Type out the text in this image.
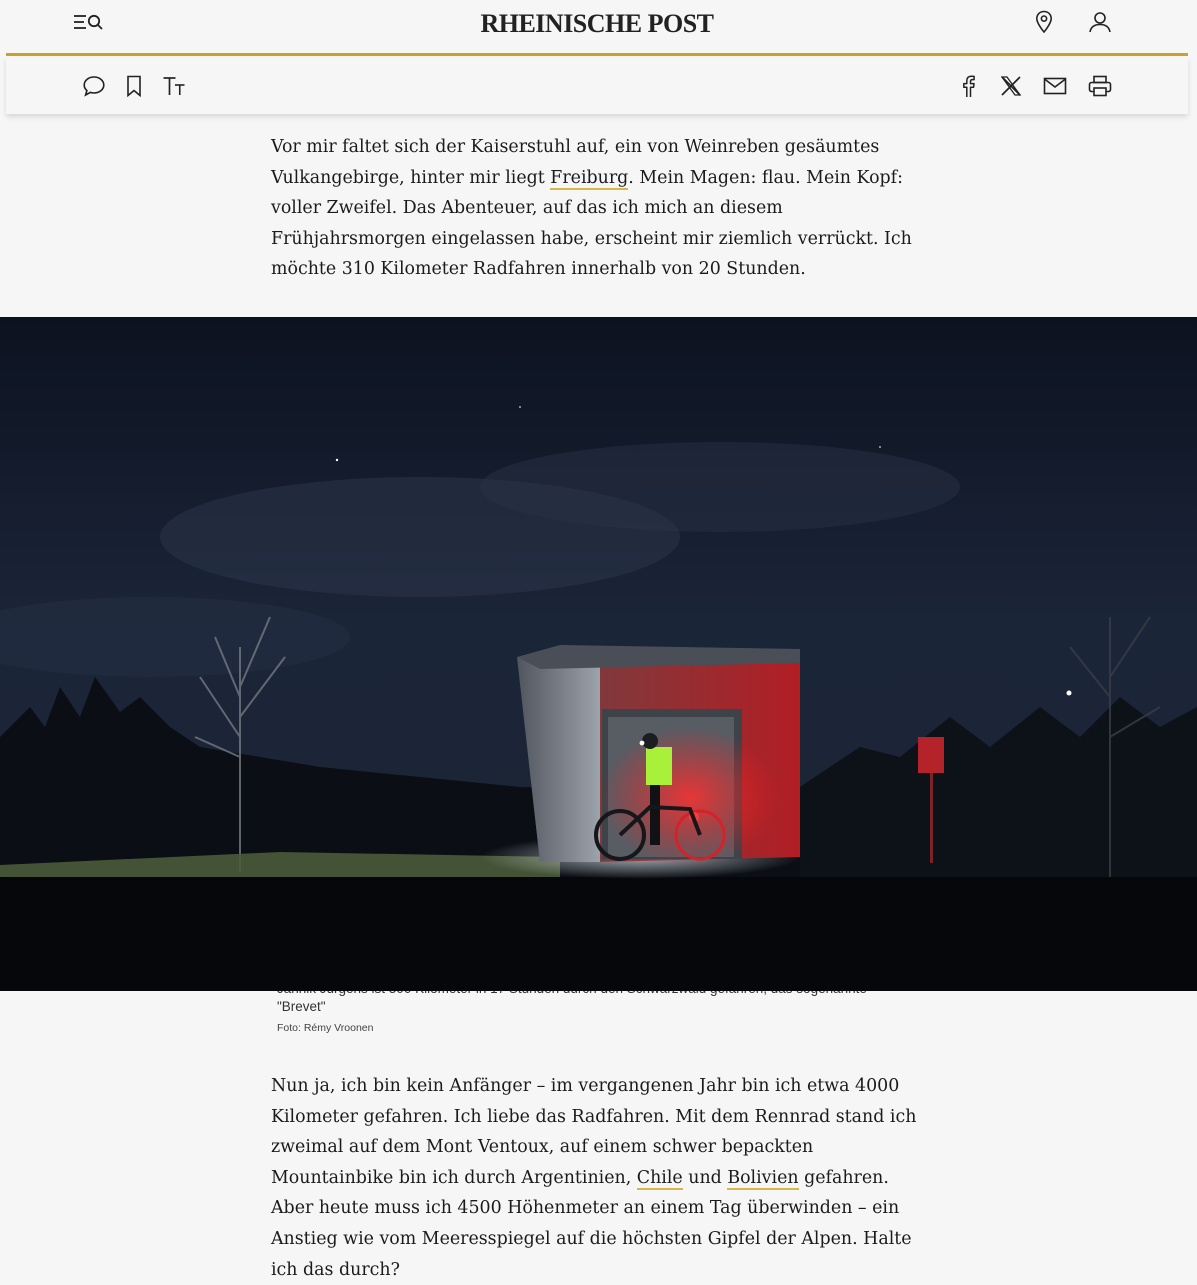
RHEINISCHE POST

Vor mir faltet sich der Kaiserstuhl auf, ein von Weinreben gesäumtes Vulkangebirge, hinter mir liegt Freiburg. Mein Magen: flau. Mein Kopf: voller Zweifel. Das Abenteuer, auf das ich mich an diesem Frühjahrsmorgen eingelassen habe, erscheint mir ziemlich verrückt. Ich möchte 310 Kilometer Radfahren innerhalb von 20 Stunden.

"Brevet"
Foto: Rémy Vroonen

Nun ja, ich bin kein Anfänger – im vergangenen Jahr bin ich etwa 4000 Kilometer gefahren. Ich liebe das Radfahren. Mit dem Rennrad stand ich zweimal auf dem Mont Ventoux, auf einem schwer bepackten Mountainbike bin ich durch Argentinien, Chile und Bolivien gefahren. Aber heute muss ich 4500 Höhenmeter an einem Tag überwinden – ein Anstieg wie vom Meeresspiegel auf die höchsten Gipfel der Alpen. Halte ich das durch?
